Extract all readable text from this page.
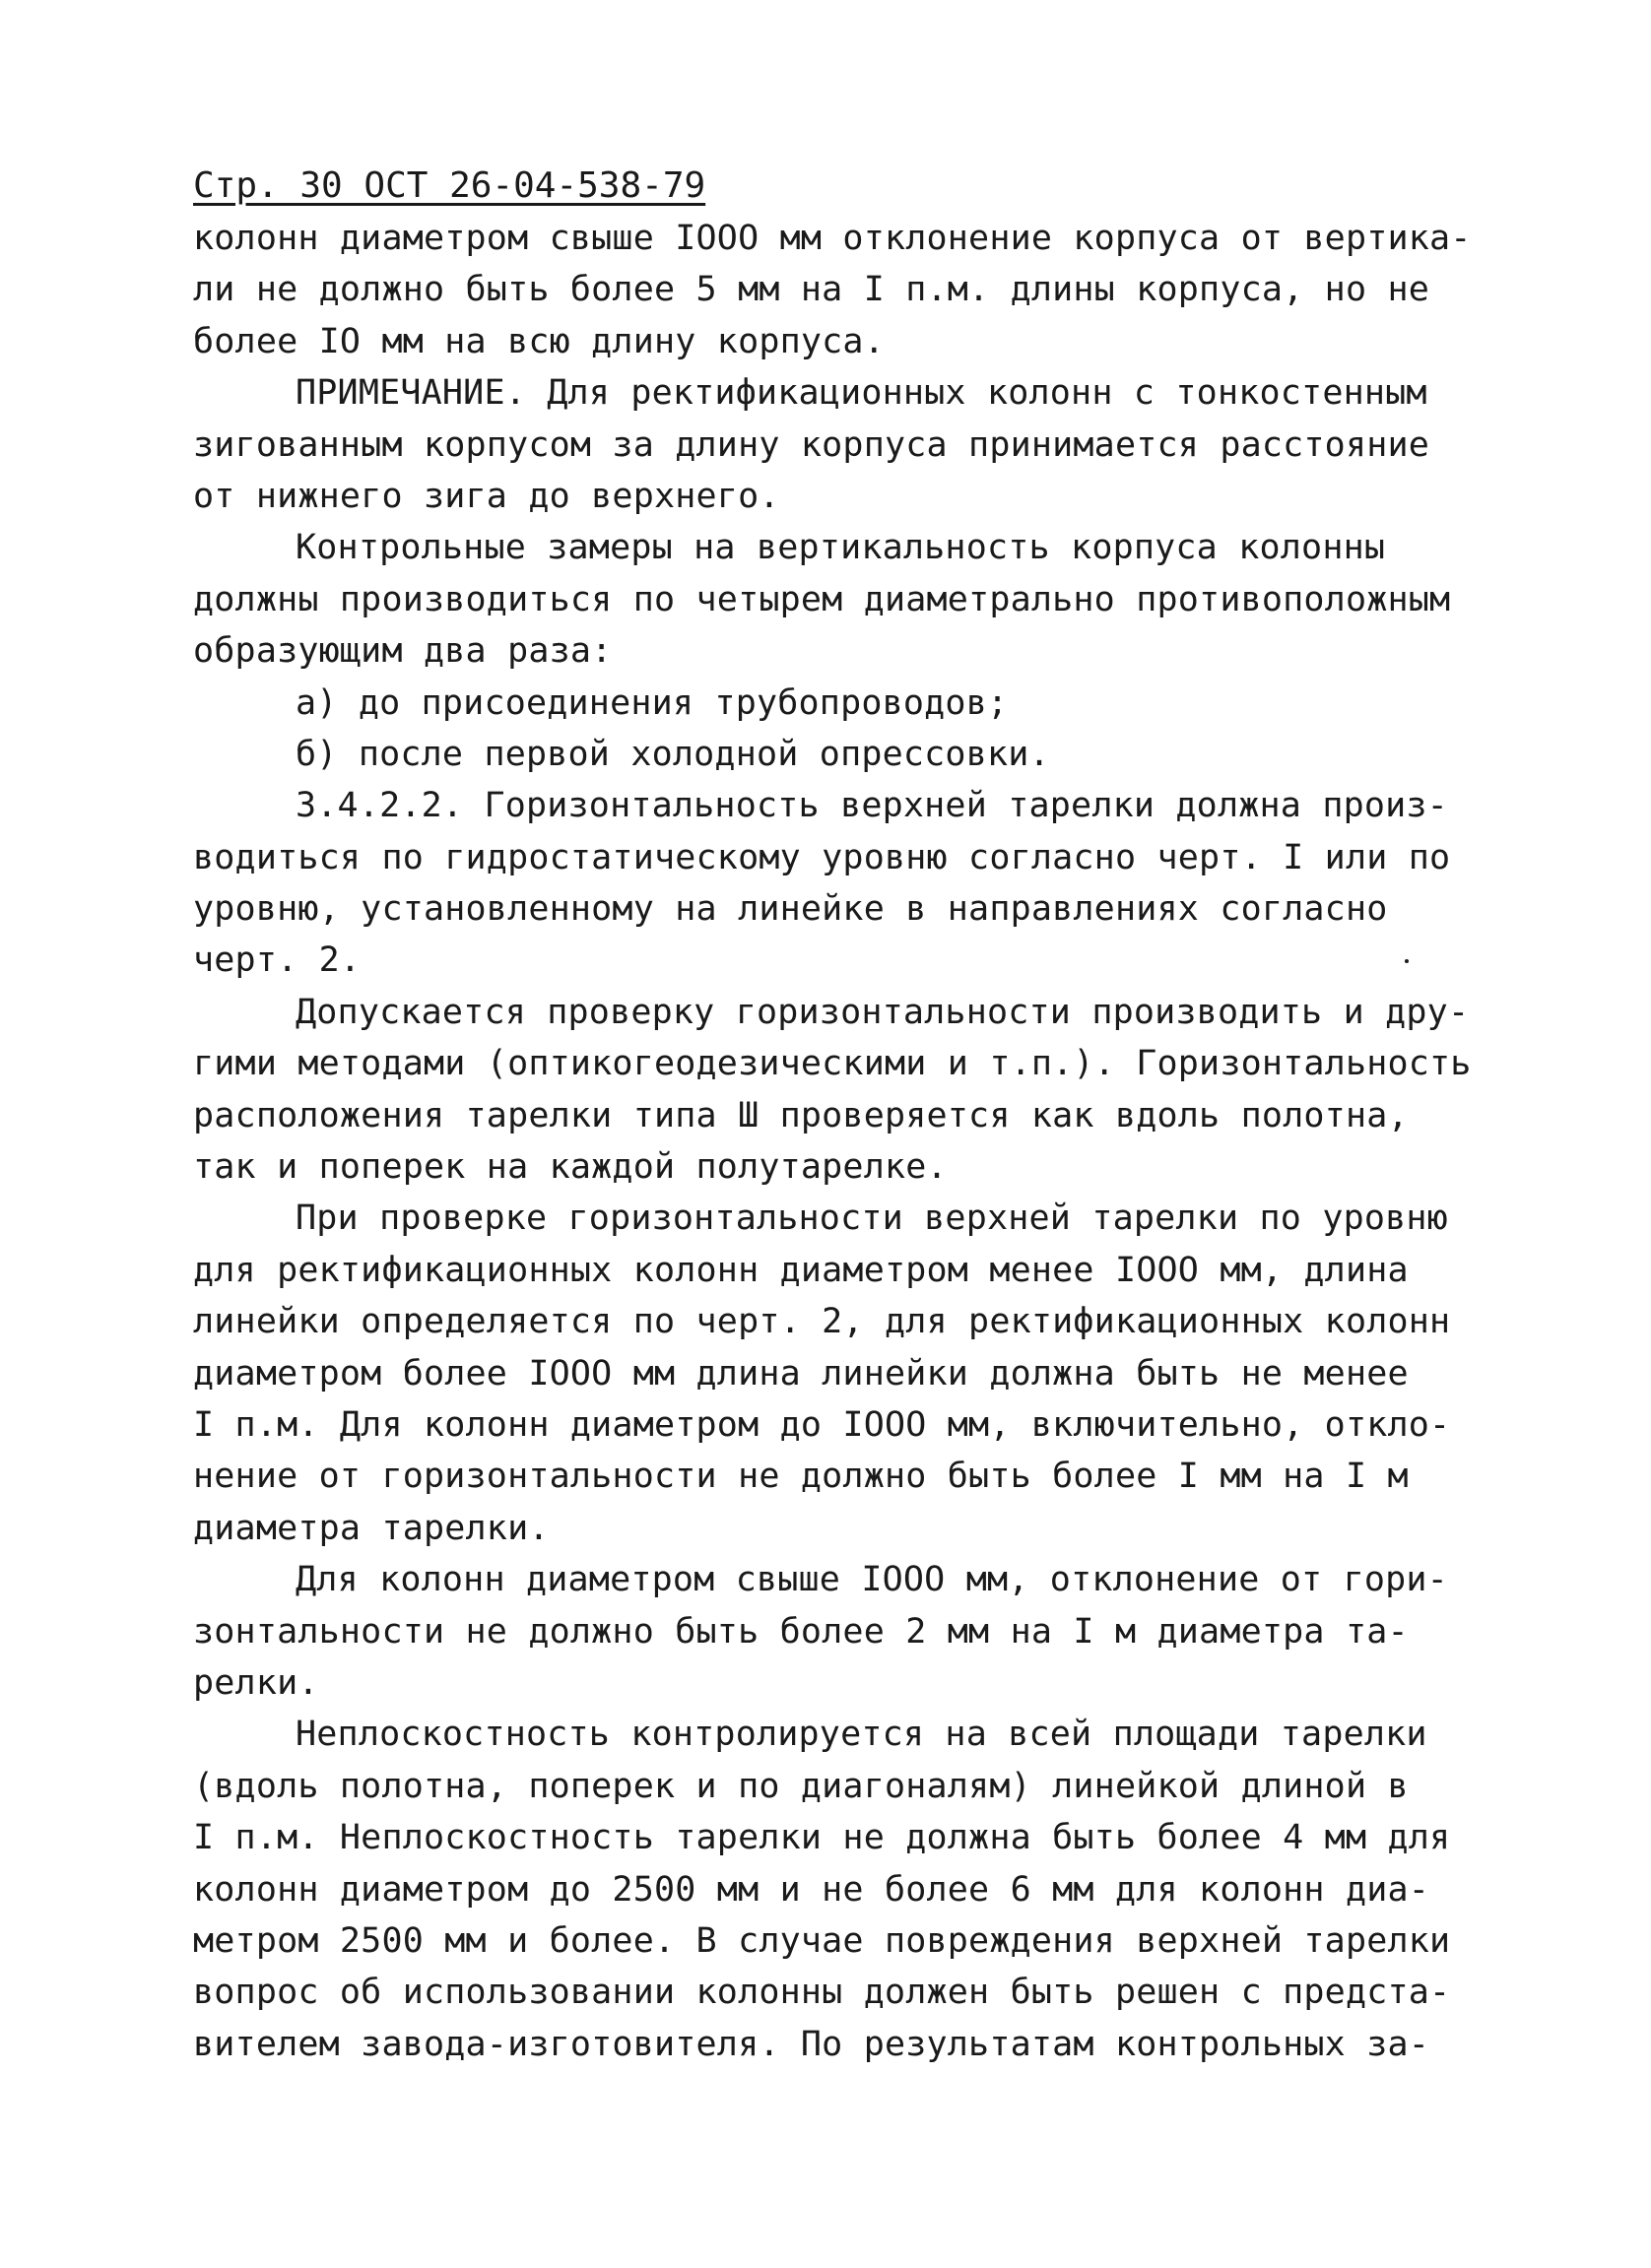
Стр. 30 ОСТ 26-04-538-79
колонн диаметром свыше IOOO мм отклонение корпуса от вертика-
ли не должно быть более 5 мм на I п.м. длины корпуса, но не
более IO мм на всю длину корпуса.
ПРИМЕЧАНИЕ. Для ректификационных колонн с тонкостенным
зигованным корпусом за длину корпуса принимается расстояние
от нижнего зига до верхнего.
Контрольные замеры на вертикальность корпуса колонны
должны производиться по четырем диаметрально противоположным
образующим два раза:
а) до присоединения трубопроводов;
б) после первой холодной опрессовки.
3.4.2.2. Горизонтальность верхней тарелки должна произ-
водиться по гидростатическому уровню согласно черт. I или по
уровню, установленному на линейке в направлениях согласно
черт. 2.
Допускается проверку горизонтальности производить и дру-
гими методами (оптикогеодезическими и т.п.). Горизонтальность
расположения тарелки типа Ш проверяется как вдоль полотна,
так и поперек на каждой полутарелке.
При проверке горизонтальности верхней тарелки по уровню
для ректификационных колонн диаметром менее IOOO мм, длина
линейки определяется по черт. 2, для ректификационных колонн
диаметром более IOOO мм длина линейки должна быть не менее
I п.м. Для колонн диаметром до IOOO мм, включительно, откло-
нение от горизонтальности не должно быть более I мм на I м
диаметра тарелки.
Для колонн диаметром свыше IOOO мм, отклонение от гори-
зонтальности не должно быть более 2 мм на I м диаметра та-
релки.
Неплоскостность контролируется на всей площади тарелки
(вдоль полотна, поперек и по диагоналям) линейкой длиной в
I п.м. Неплоскостность тарелки не должна быть более 4 мм для
колонн диаметром до 2500 мм и не более 6 мм для колонн диа-
метром 2500 мм и более. В случае повреждения верхней тарелки
вопрос об использовании колонны должен быть решен с предста-
вителем завода-изготовителя. По результатам контрольных за-
